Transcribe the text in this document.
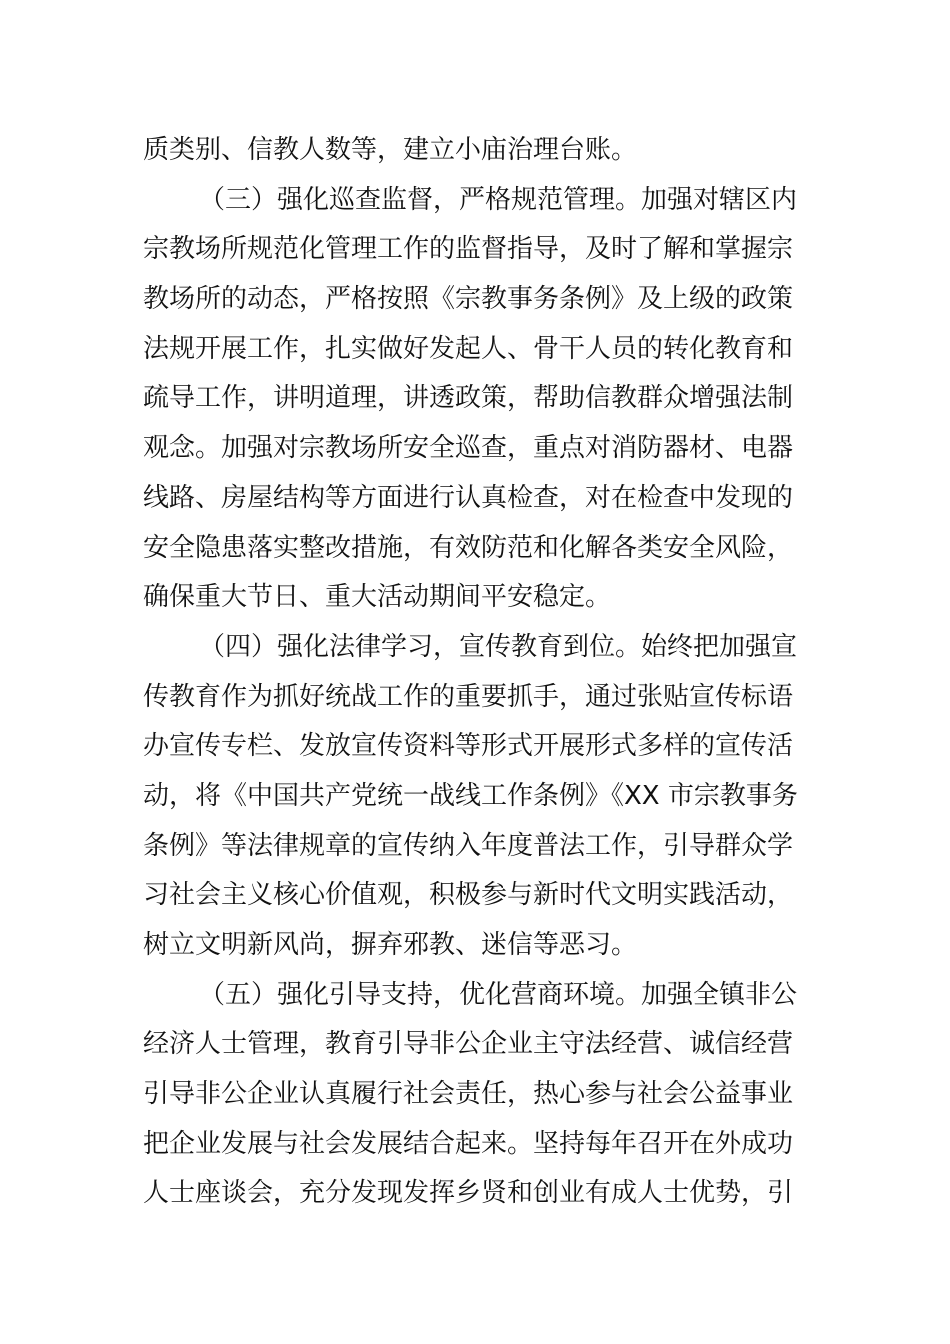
质类别、信教人数等，建立小庙治理台账。
（三）强化巡查监督，严格规范管理。加强对辖区内
宗教场所规范化管理工作的监督指导，及时了解和掌握宗
教场所的动态，严格按照《宗教事务条例》及上级的政策
法规开展工作，扎实做好发起人、骨干人员的转化教育和
疏导工作，讲明道理，讲透政策，帮助信教群众增强法制
观念。加强对宗教场所安全巡查，重点对消防器材、电器
线路、房屋结构等方面进行认真检查，对在检查中发现的
安全隐患落实整改措施，有效防范和化解各类安全风险，
确保重大节日、重大活动期间平安稳定。
（四）强化法律学习，宣传教育到位。始终把加强宣
传教育作为抓好统战工作的重要抓手，通过张贴宣传标语
办宣传专栏、发放宣传资料等形式开展形式多样的宣传活
动，将《中国共产党统一战线工作条例》《XX 市宗教事务
条例》等法律规章的宣传纳入年度普法工作，引导群众学
习社会主义核心价值观，积极参与新时代文明实践活动，
树立文明新风尚，摒弃邪教、迷信等恶习。
（五）强化引导支持，优化营商环境。加强全镇非公
经济人士管理，教育引导非公企业主守法经营、诚信经营
引导非公企业认真履行社会责任，热心参与社会公益事业
把企业发展与社会发展结合起来。坚持每年召开在外成功
人士座谈会，充分发现发挥乡贤和创业有成人士优势，引
